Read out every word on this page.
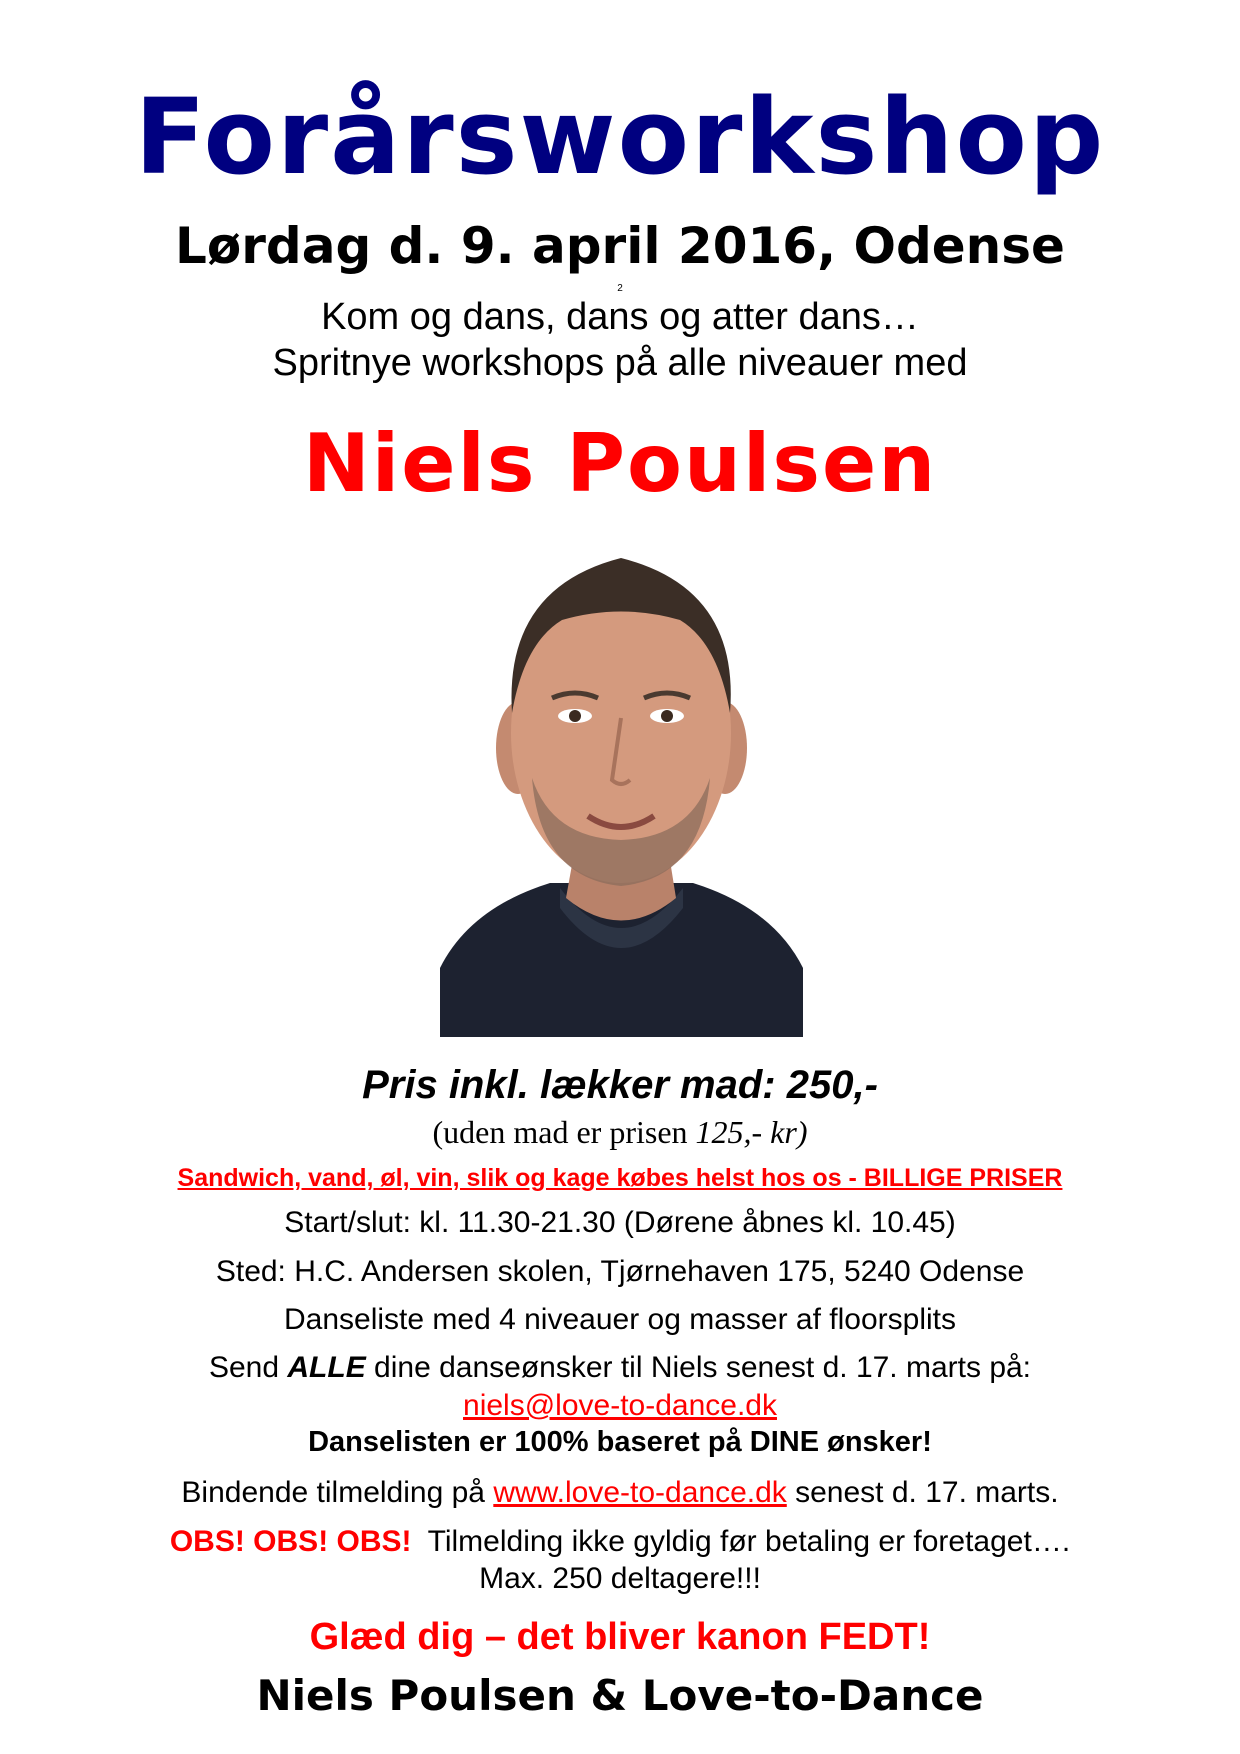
Forårsworkshop
Lørdag d. 9. april 2016, Odense
2
Kom og dans, dans og atter dans…
Spritnye workshops på alle niveauer med
Niels Poulsen
Pris inkl. lækker mad: 250,-
(uden mad er prisen 125,- kr)
Sandwich, vand, øl, vin, slik og kage købes helst hos os - BILLIGE PRISER
Start/slut: kl. 11.30-21.30 (Dørene åbnes kl. 10.45)
Sted: H.C. Andersen skolen, Tjørnehaven 175, 5240 Odense
Danseliste med 4 niveauer og masser af floorsplits
Send ALLE dine danseønsker til Niels senest d. 17. marts på:
niels@love-to-dance.dk
Danselisten er 100% baseret på DINE ønsker!
Bindende tilmelding på www.love-to-dance.dk senest d. 17. marts.
OBS! OBS! OBS!  Tilmelding ikke gyldig før betaling er foretaget….
Max. 250 deltagere!!!
Glæd dig – det bliver kanon FEDT!
Niels Poulsen & Love-to-Dance
